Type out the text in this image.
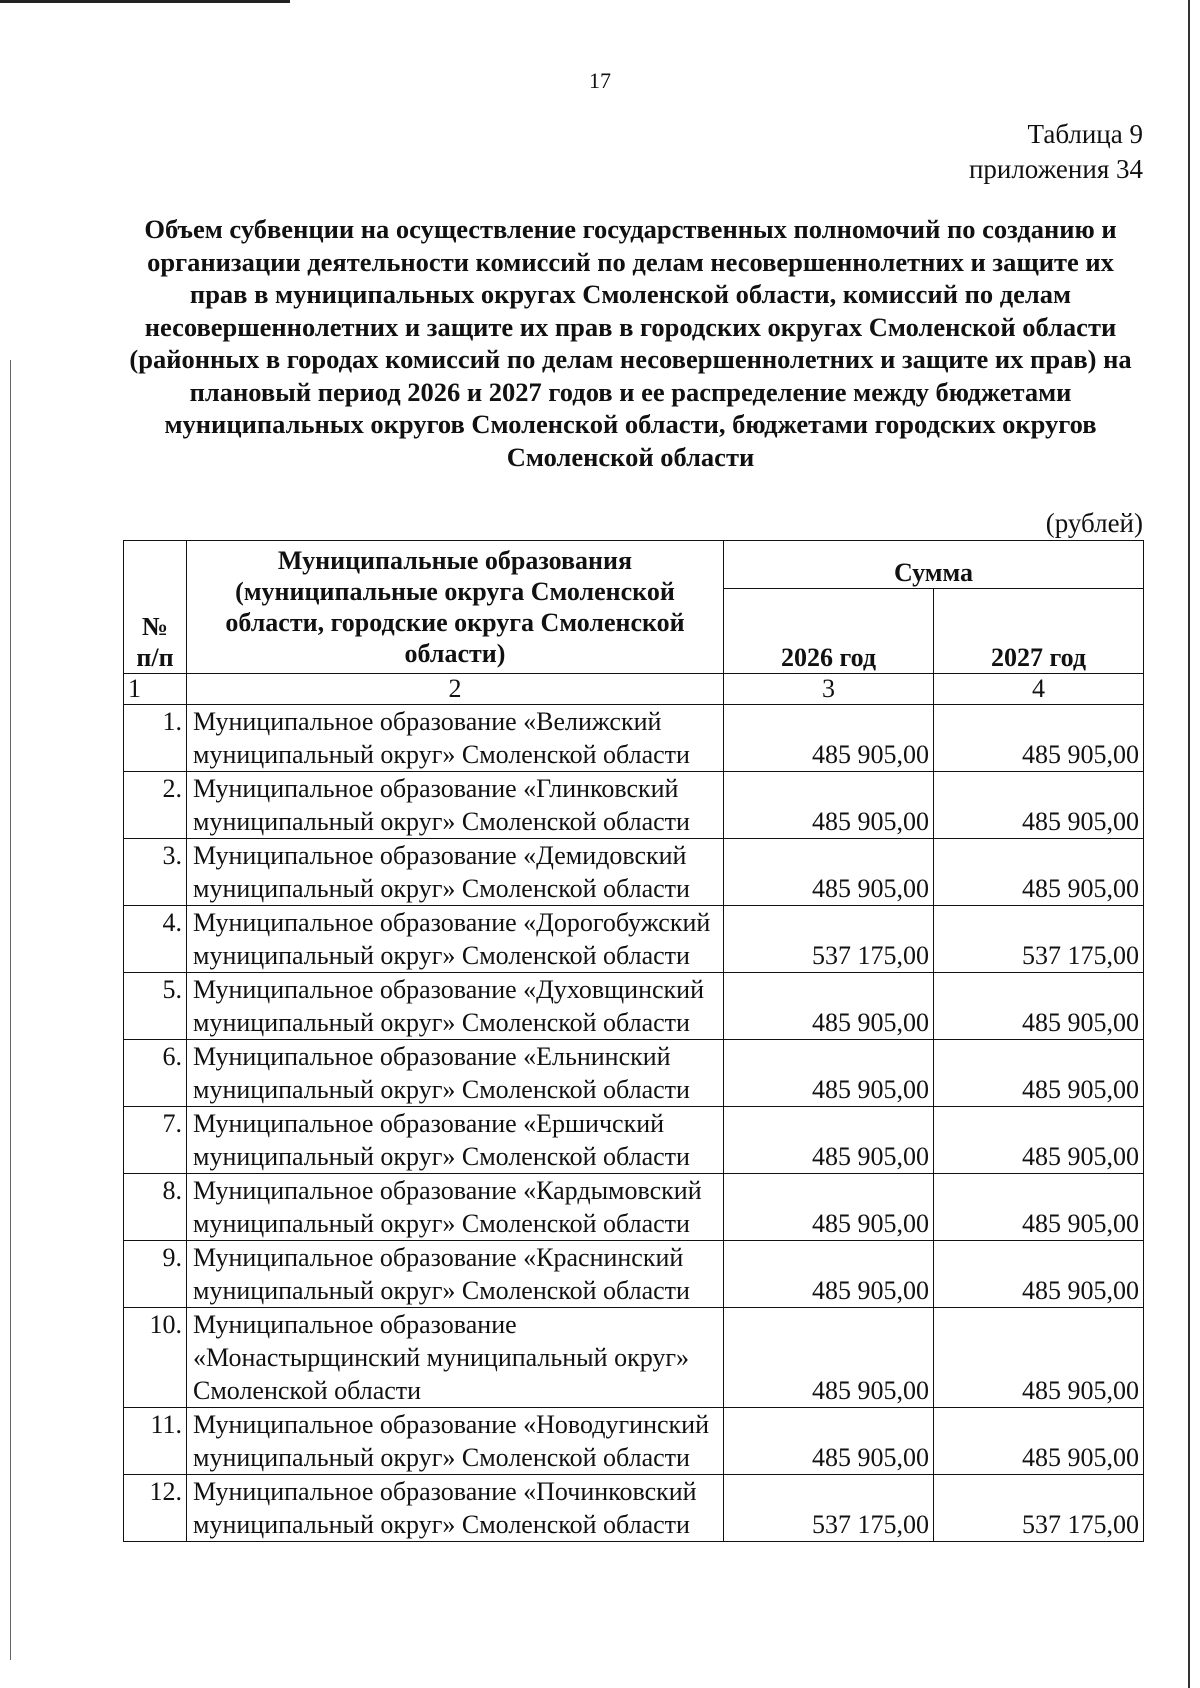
17
Таблица 9
приложения 34
Объем субвенции на осуществление государственных полномочий по созданию и организации деятельности комиссий по делам несовершеннолетних и защите их прав в муниципальных округах Смоленской области, комиссий по делам несовершеннолетних и защите их прав в городских округах Смоленской области (районных в городах комиссий по делам несовершеннолетних и защите их прав) на плановый период 2026 и 2027 годов и ее распределение между бюджетами муниципальных округов Смоленской области, бюджетами городских округов Смоленской области
(рублей)
№
п/п	Муниципальные образования (муниципальные округа Смоленской области, городские округа Смоленской области)	Сумма	
		2026 год	2027 год
1	2	3	4
1.	Муниципальное образование «Велижский
муниципальный округ» Смоленской области	485 905,00	485 905,00
2.	Муниципальное образование «Глинковский
муниципальный округ» Смоленской области	485 905,00	485 905,00
3.	Муниципальное образование «Демидовский
муниципальный округ» Смоленской области	485 905,00	485 905,00
4.	Муниципальное образование «Дорогобужский
муниципальный округ» Смоленской области	537 175,00	537 175,00
5.	Муниципальное образование «Духовщинский
муниципальный округ» Смоленской области	485 905,00	485 905,00
6.	Муниципальное образование «Ельнинский
муниципальный округ» Смоленской области	485 905,00	485 905,00
7.	Муниципальное образование «Ершичский
муниципальный округ» Смоленской области	485 905,00	485 905,00
8.	Муниципальное образование «Кардымовский
муниципальный округ» Смоленской области	485 905,00	485 905,00
9.	Муниципальное образование «Краснинский
муниципальный округ» Смоленской области	485 905,00	485 905,00
10.	Муниципальное образование
«Монастырщинский муниципальный округ»
Смоленской области	485 905,00	485 905,00
11.	Муниципальное образование «Новодугинский
муниципальный округ» Смоленской области	485 905,00	485 905,00
12.	Муниципальное образование «Починковский
муниципальный округ» Смоленской области	537 175,00	537 175,00
